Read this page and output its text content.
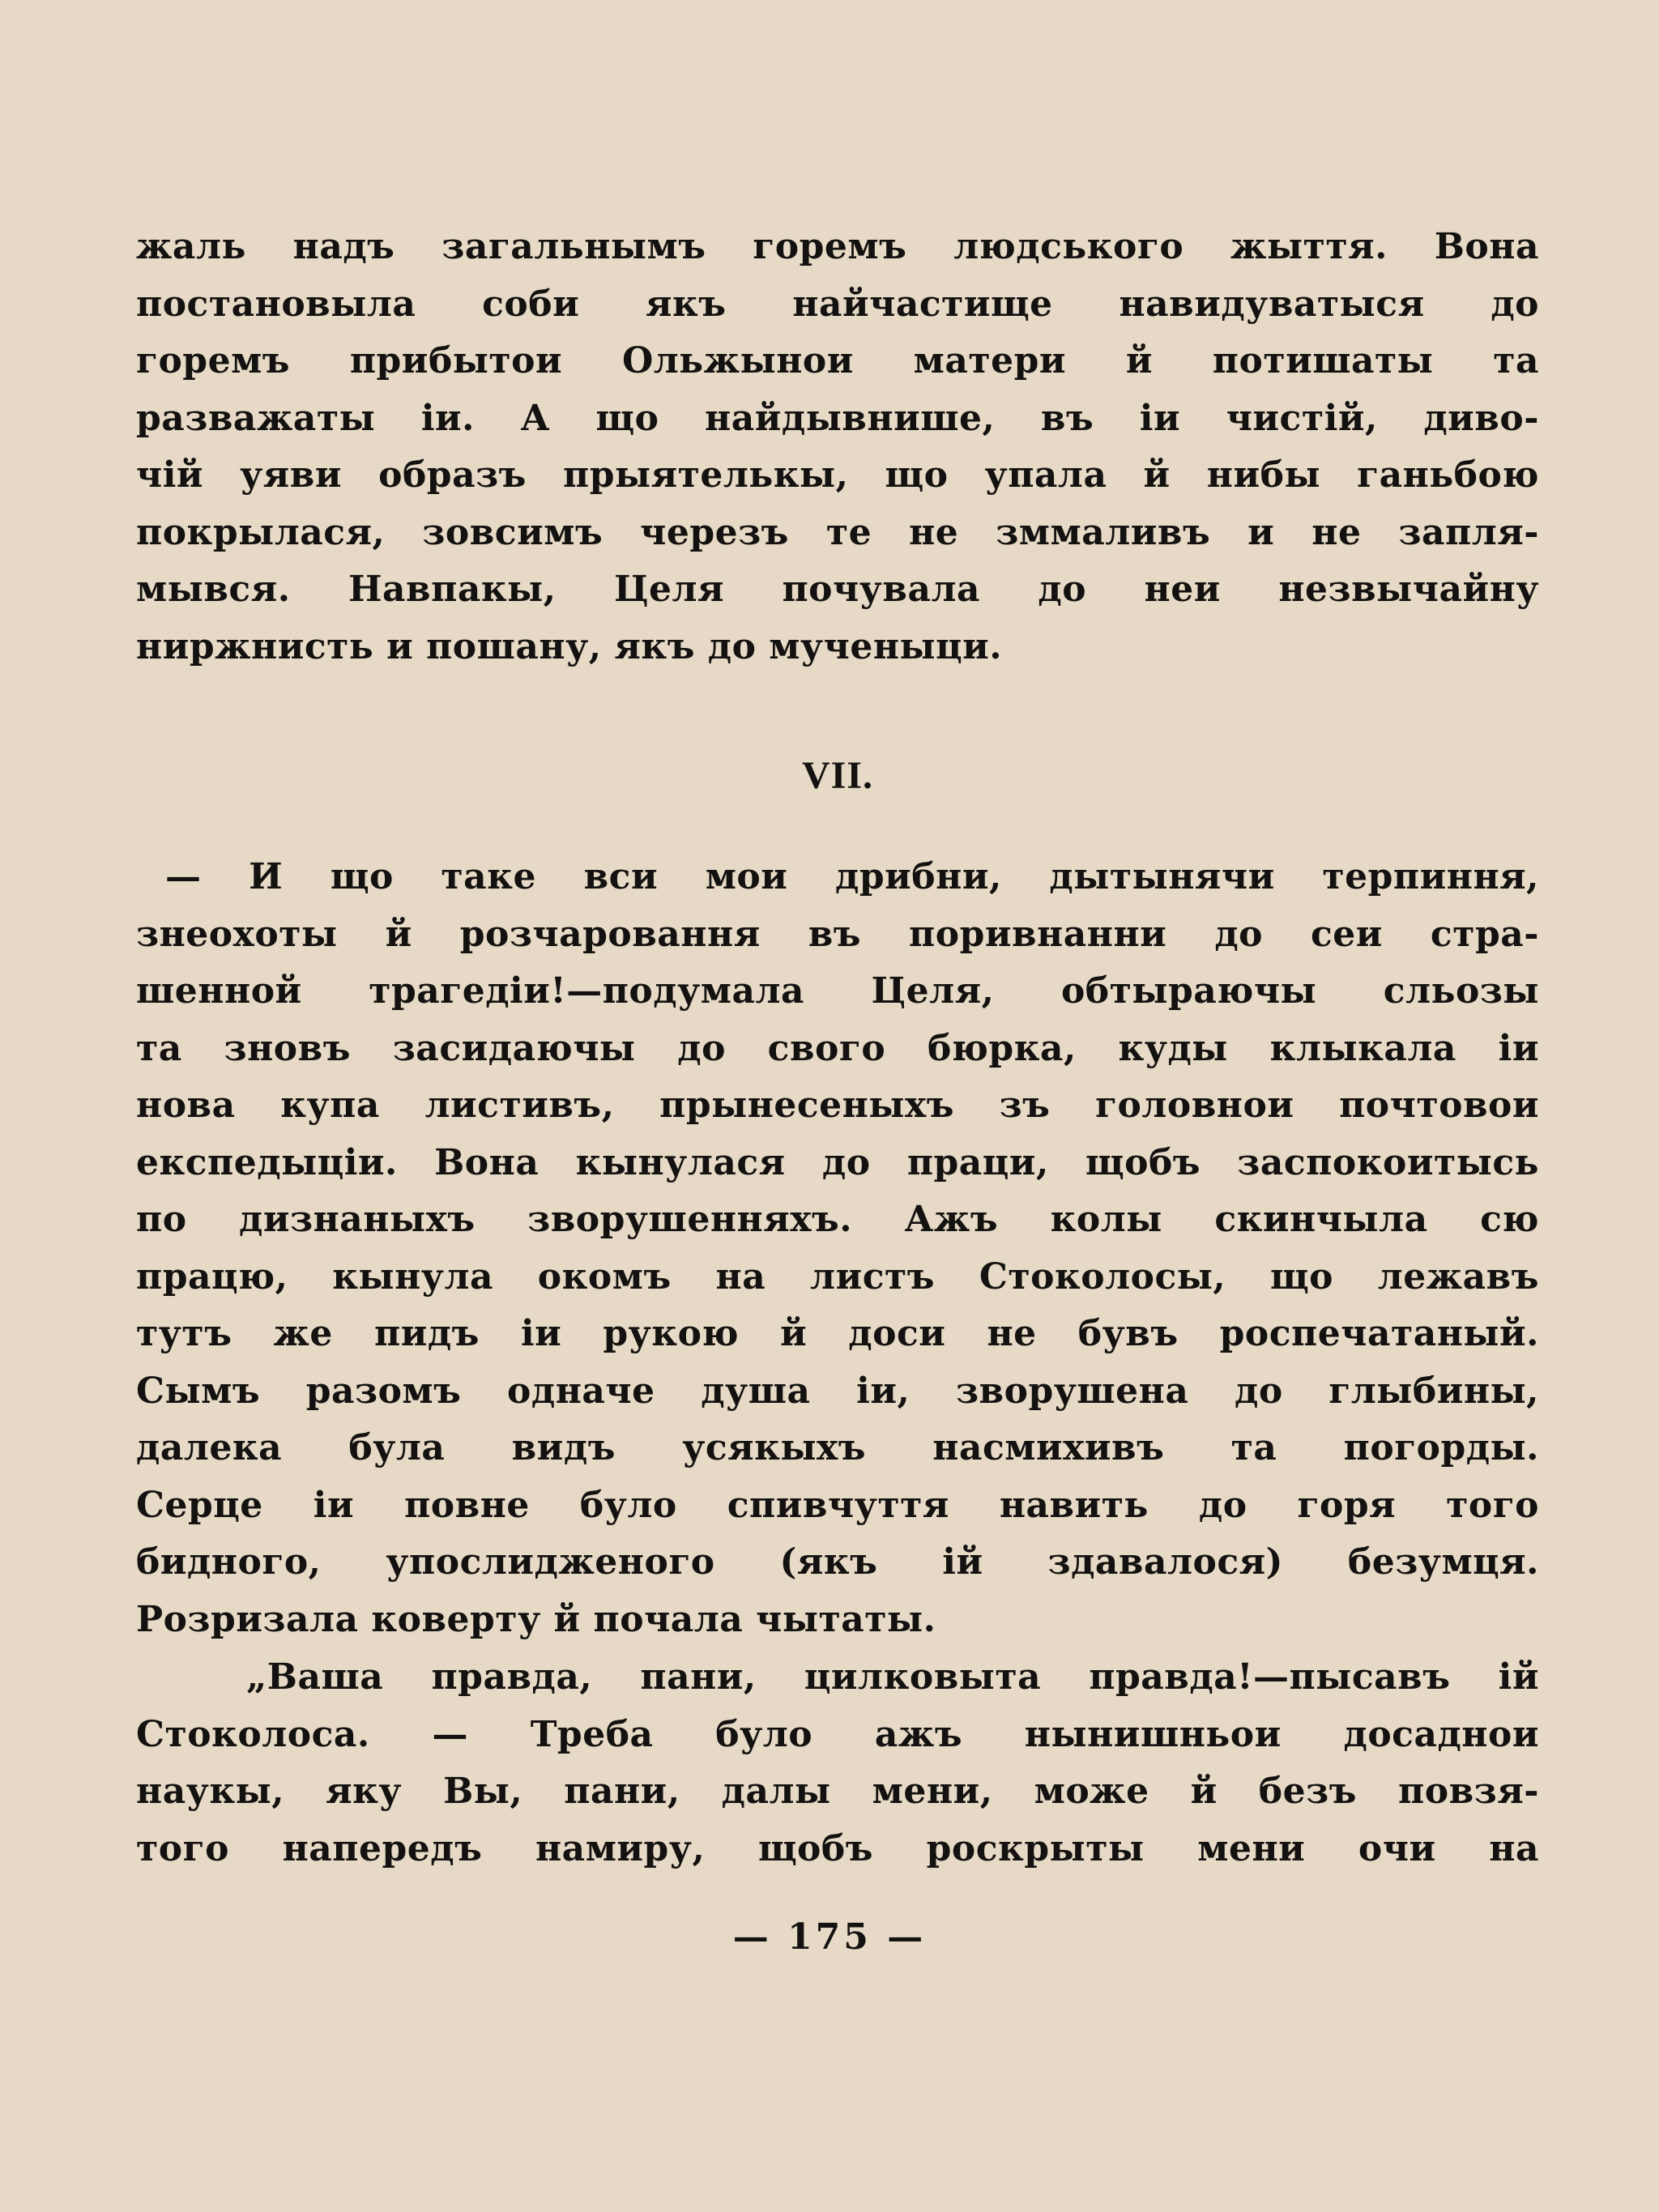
жаль надъ загальнымъ горемъ людського жыття. Вона
постановыла соби якъ найчастище навидуватыся до
горемъ прибытои Ольжынои матери й потишаты та
разважаты іи. А що найдывнише, въ іи чистій, диво-
чій уяви образъ прыятелькы, що упала й нибы ганьбою
покрылася, зовсимъ черезъ те не зммаливъ и не запля-
мывся. Навпакы, Целя почувала до неи незвычайну
ниржнисть и пошану, якъ до мученыци.
VII.
— И що таке вси мои дрибни, дытынячи терпиння,
знеохоты й розчаровання въ поривнанни до сеи стра-
шенной трагедіи!—подумала Целя, обтыраючы сльозы
та зновъ засидаючы до свого бюрка, куды клыкала іи
нова купа листивъ, прынесеныхъ зъ головнои почтовои
експедыціи. Вона кынулася до праци, щобъ заспокоитысь
по дизнаныхъ зворушенняхъ. Ажъ колы скинчыла сю
працю, кынула окомъ на листъ Стоколосы, що лежавъ
тутъ же пидъ іи рукою й доси не бувъ роспечатаный.
Сымъ разомъ одначе душа іи, зворушена до глыбины,
далека була видъ усякыхъ насмихивъ та погорды.
Серце іи повне було спивчуття навить до горя того
бидного, упослидженого (якъ ій здавалося) безумця.
Розризала коверту й почала чытаты.
„Ваша правда, пани, цилковыта правда!—пысавъ ій
Стоколоса. — Треба було ажъ нынишньои досаднои
наукы, яку Вы, пани, далы мени, може й безъ повзя-
того напередъ намиру, щобъ роскрыты мени очи на
— 175 —
